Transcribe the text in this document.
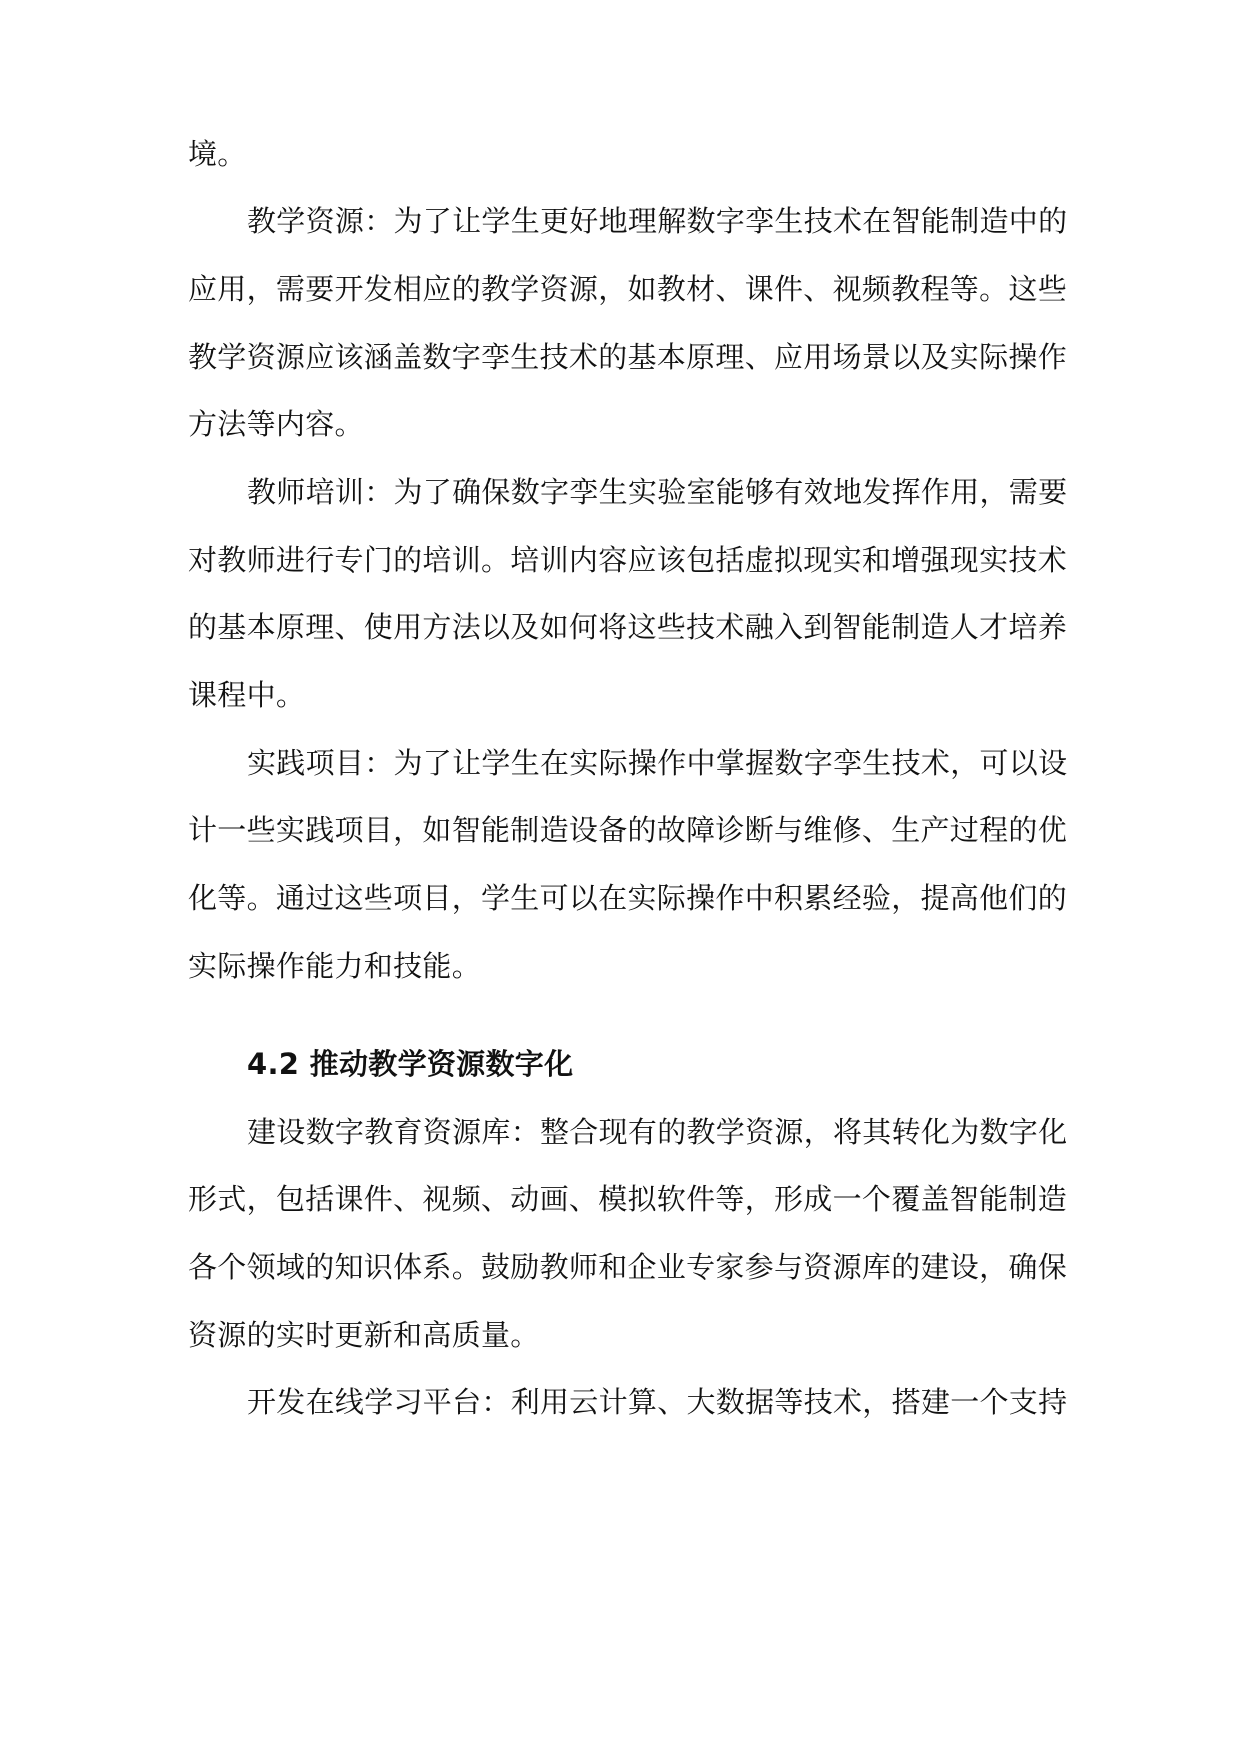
境。
教学资源：为了让学生更好地理解数字孪生技术在智能制造中的
应用，需要开发相应的教学资源，如教材、课件、视频教程等。这些
教学资源应该涵盖数字孪生技术的基本原理、应用场景以及实际操作
方法等内容。
教师培训：为了确保数字孪生实验室能够有效地发挥作用，需要
对教师进行专门的培训。培训内容应该包括虚拟现实和增强现实技术
的基本原理、使用方法以及如何将这些技术融入到智能制造人才培养
课程中。
实践项目：为了让学生在实际操作中掌握数字孪生技术，可以设
计一些实践项目，如智能制造设备的故障诊断与维修、生产过程的优
化等。通过这些项目，学生可以在实际操作中积累经验，提高他们的
实际操作能力和技能。
4.2 推动教学资源数字化
建设数字教育资源库：整合现有的教学资源，将其转化为数字化
形式，包括课件、视频、动画、模拟软件等，形成一个覆盖智能制造
各个领域的知识体系。鼓励教师和企业专家参与资源库的建设，确保
资源的实时更新和高质量。
开发在线学习平台：利用云计算、大数据等技术，搭建一个支持
